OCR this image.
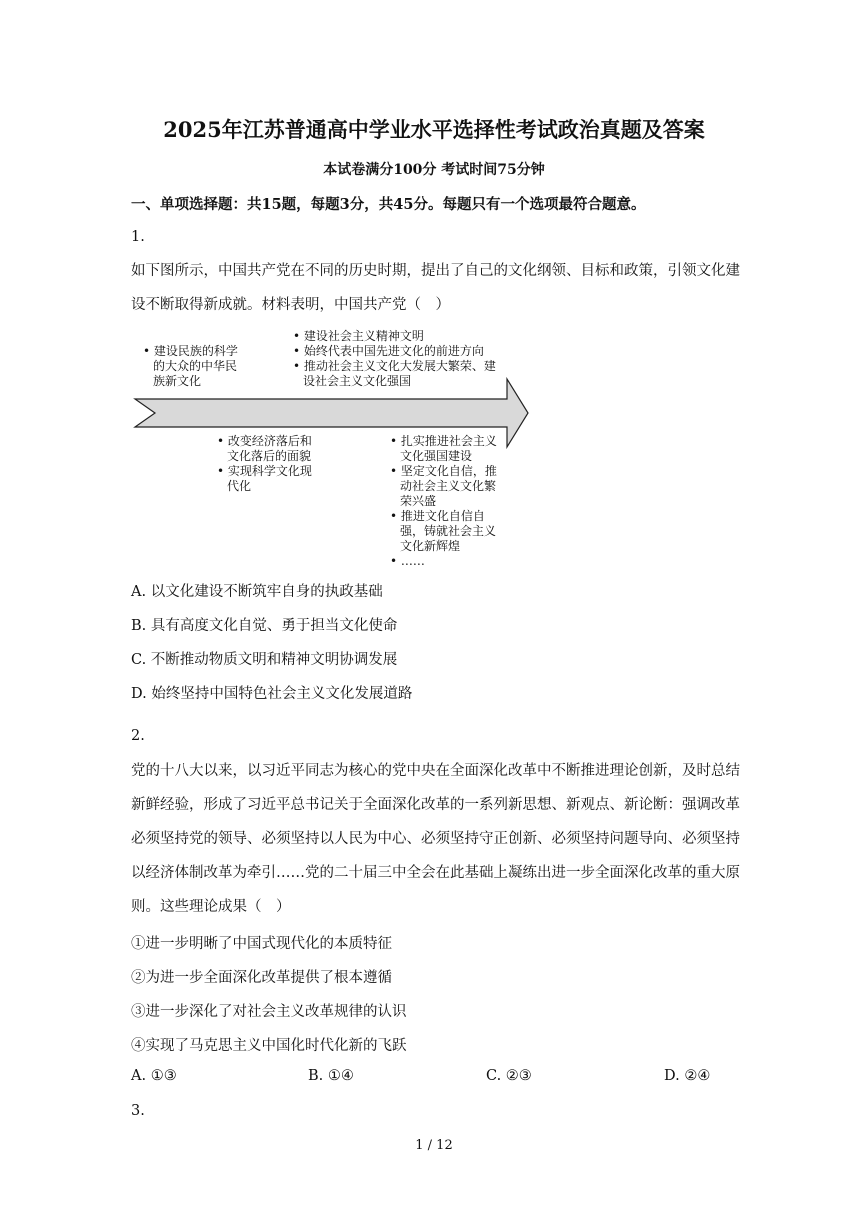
2025年江苏普通高中学业水平选择性考试政治真题及答案
本试卷满分100分 考试时间75分钟
一、单项选择题：共15题，每题3分，共45分。每题只有一个选项最符合题意。
1.
如下图所示，中国共产党在不同的历史时期，提出了自己的文化纲领、目标和政策，引领文化建设不断取得新成就。材料表明，中国共产党（　）
• 建设民族的科学的大众的中华民族新文化
• 建设社会主义精神文明
• 始终代表中国先进文化的前进方向
• 推动社会主义文化大发展大繁荣、建设社会主义文化强国
• 改变经济落后和文化落后的面貌
• 实现科学文化现代化
• 扎实推进社会主义文化强国建设
• 坚定文化自信，推动社会主义文化繁荣兴盛
• 推进文化自信自强，铸就社会主义文化新辉煌
• ……
A. 以文化建设不断筑牢自身的执政基础
B. 具有高度文化自觉、勇于担当文化使命
C. 不断推动物质文明和精神文明协调发展
D. 始终坚持中国特色社会主义文化发展道路
2.
党的十八大以来，以习近平同志为核心的党中央在全面深化改革中不断推进理论创新，及时总结新鲜经验，形成了习近平总书记关于全面深化改革的一系列新思想、新观点、新论断：强调改革必须坚持党的领导、必须坚持以人民为中心、必须坚持守正创新、必须坚持问题导向、必须坚持以经济体制改革为牵引……党的二十届三中全会在此基础上凝练出进一步全面深化改革的重大原则。这些理论成果（　）
①进一步明晰了中国式现代化的本质特征
②为进一步全面深化改革提供了根本遵循
③进一步深化了对社会主义改革规律的认识
④实现了马克思主义中国化时代化新的飞跃
A. ①③	B. ①④	C. ②③	D. ②④
3.
1 / 12
